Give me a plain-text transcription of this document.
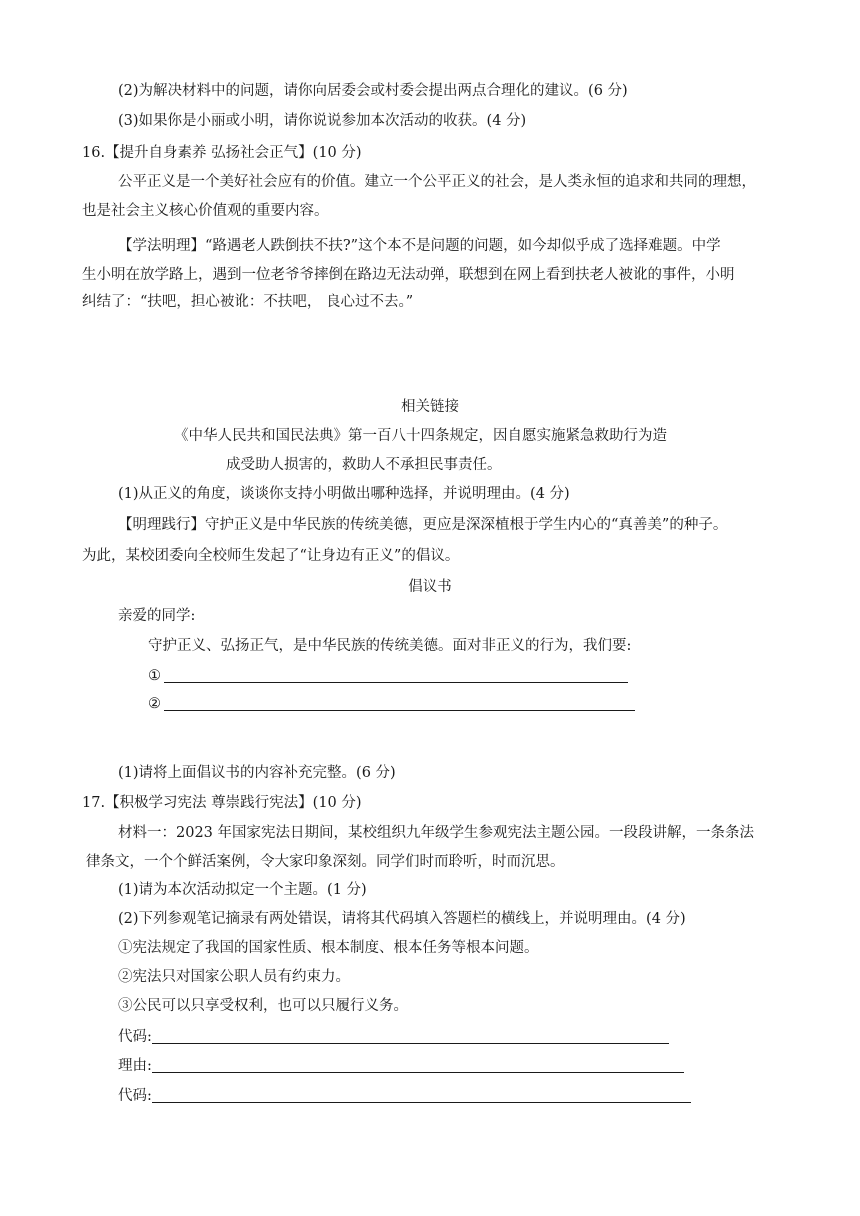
(2)为解决材料中的问题，请你向居委会或村委会提出两点合理化的建议。(6 分)
(3)如果你是小丽或小明，请你说说参加本次活动的收获。(4 分)
16.【提升自身素养 弘扬社会正气】(10 分)
公平正义是一个美好社会应有的价值。建立一个公平正义的社会，是人类永恒的追求和共同的理想，
也是社会主义核心价值观的重要内容。
【学法明理】“路遇老人跌倒扶不扶?”这个本不是问题的问题，如今却似乎成了选择难题。中学
生小明在放学路上，遇到一位老爷爷摔倒在路边无法动弹，联想到在网上看到扶老人被讹的事件，小明
纠结了：“扶吧，担心被讹：不扶吧， 良心过不去。”
相关链接
《中华人民共和国民法典》第一百八十四条规定，因自愿实施紧急救助行为造
成受助人损害的，救助人不承担民事责任。
(1)从正义的角度，谈谈你支持小明做出哪种选择，并说明理由。(4 分)
【明理践行】守护正义是中华民族的传统美德，更应是深深植根于学生内心的“真善美”的种子。
为此，某校团委向全校师生发起了“让身边有正义”的倡议。
倡议书
亲爱的同学:
守护正义、弘扬正气，是中华民族的传统美德。面对非正义的行为，我们要:
①
②
(1)请将上面倡议书的内容补充完整。(6 分)
17.【积极学习宪法 尊崇践行宪法】(10 分)
材料一：2023 年国家宪法日期间，某校组织九年级学生参观宪法主题公园。一段段讲解，一条条法
律条文，一个个鲜活案例，令大家印象深刻。同学们时而聆听，时而沉思。
(1)请为本次活动拟定一个主题。(1 分)
(2)下列参观笔记摘录有两处错误，请将其代码填入答题栏的横线上，并说明理由。(4 分)
①宪法规定了我国的国家性质、根本制度、根本任务等根本问题。
②宪法只对国家公职人员有约束力。
③公民可以只享受权利，也可以只履行义务。
代码:
理由:
代码:
